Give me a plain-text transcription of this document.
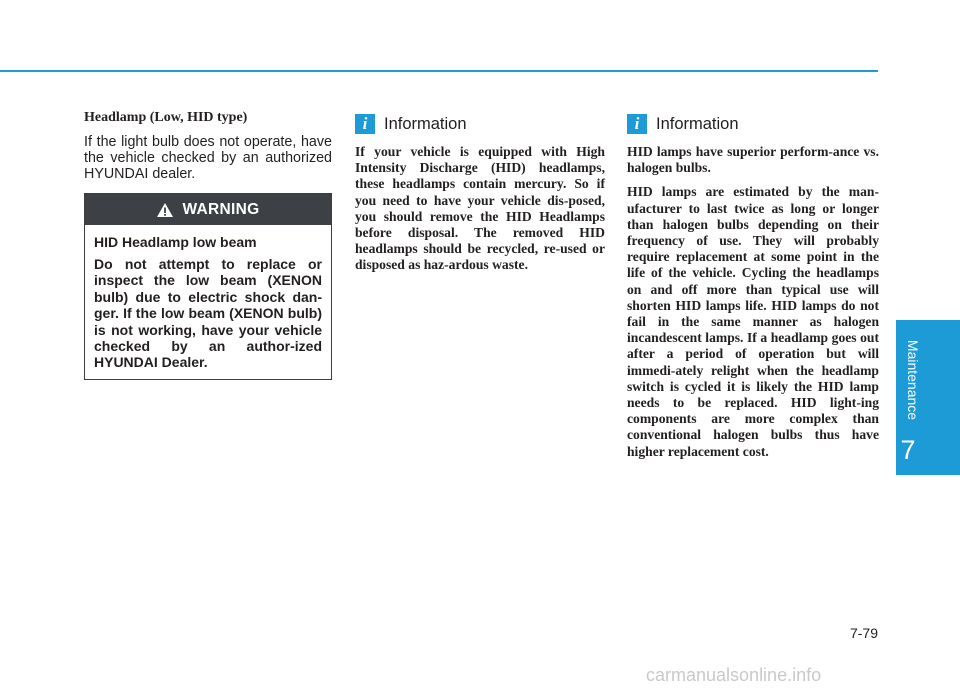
Headlamp (Low, HID type)

If the light bulb does not operate, have the vehicle checked by an authorized HYUNDAI dealer.

WARNING

HID Headlamp low beam

Do not attempt to replace or inspect the low beam (XENON bulb) due to electric shock dan-ger. If the low beam (XENON bulb) is not working, have your vehicle checked by an author-ized HYUNDAI Dealer.

i	Information

If your vehicle is equipped with High Intensity Discharge (HID) headlamps, these headlamps contain mercury. So if you need to have your vehicle dis-posed, you should remove the HID Headlamps before disposal. The removed HID headlamps should be recycled, re-used or disposed as haz-ardous waste.

i	Information

HID lamps have superior perform-ance vs. halogen bulbs.

HID lamps are estimated by the man-ufacturer to last twice as long or longer than halogen bulbs depending on their frequency of use. They will probably require replacement at some point in the life of the vehicle. Cycling the headlamps on and off more than typical use will shorten HID lamps life. HID lamps do not fail in the same manner as halogen incandescent lamps. If a headlamp goes out after a period of operation but will immedi-ately relight when the headlamp switch is cycled it is likely the HID lamp needs to be replaced. HID light-ing components are more complex than conventional halogen bulbs thus have higher replacement cost.

Maintenance
7
7-79
carmanualsonline.info
